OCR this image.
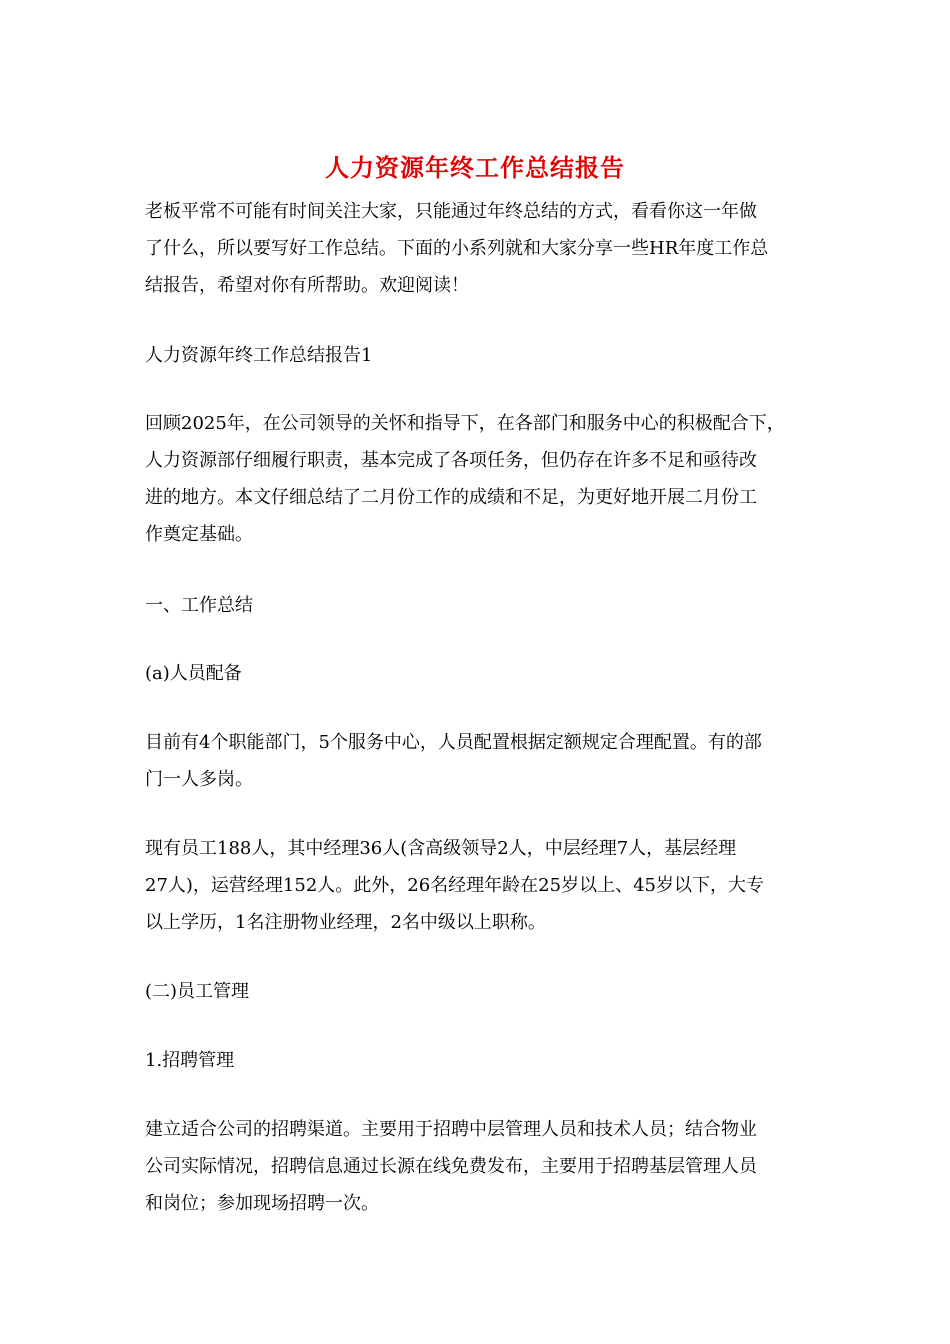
人力资源年终工作总结报告
老板平常不可能有时间关注大家，只能通过年终总结的方式，看看你这一年做
了什么，所以要写好工作总结。下面的小系列就和大家分享一些HR年度工作总
结报告，希望对你有所帮助。欢迎阅读！
人力资源年终工作总结报告1
回顾2025年，在公司领导的关怀和指导下，在各部门和服务中心的积极配合下，
人力资源部仔细履行职责，基本完成了各项任务，但仍存在许多不足和亟待改
进的地方。本文仔细总结了二月份工作的成绩和不足，为更好地开展二月份工
作奠定基础。
一、工作总结
(a)人员配备
目前有4个职能部门，5个服务中心，人员配置根据定额规定合理配置。有的部
门一人多岗。
现有员工188人，其中经理36人(含高级领导2人，中层经理7人，基层经理
27人)，运营经理152人。此外，26名经理年龄在25岁以上、45岁以下，大专
以上学历，1名注册物业经理，2名中级以上职称。
(二)员工管理
1.招聘管理
建立适合公司的招聘渠道。主要用于招聘中层管理人员和技术人员；结合物业
公司实际情况，招聘信息通过长源在线免费发布，主要用于招聘基层管理人员
和岗位；参加现场招聘一次。
